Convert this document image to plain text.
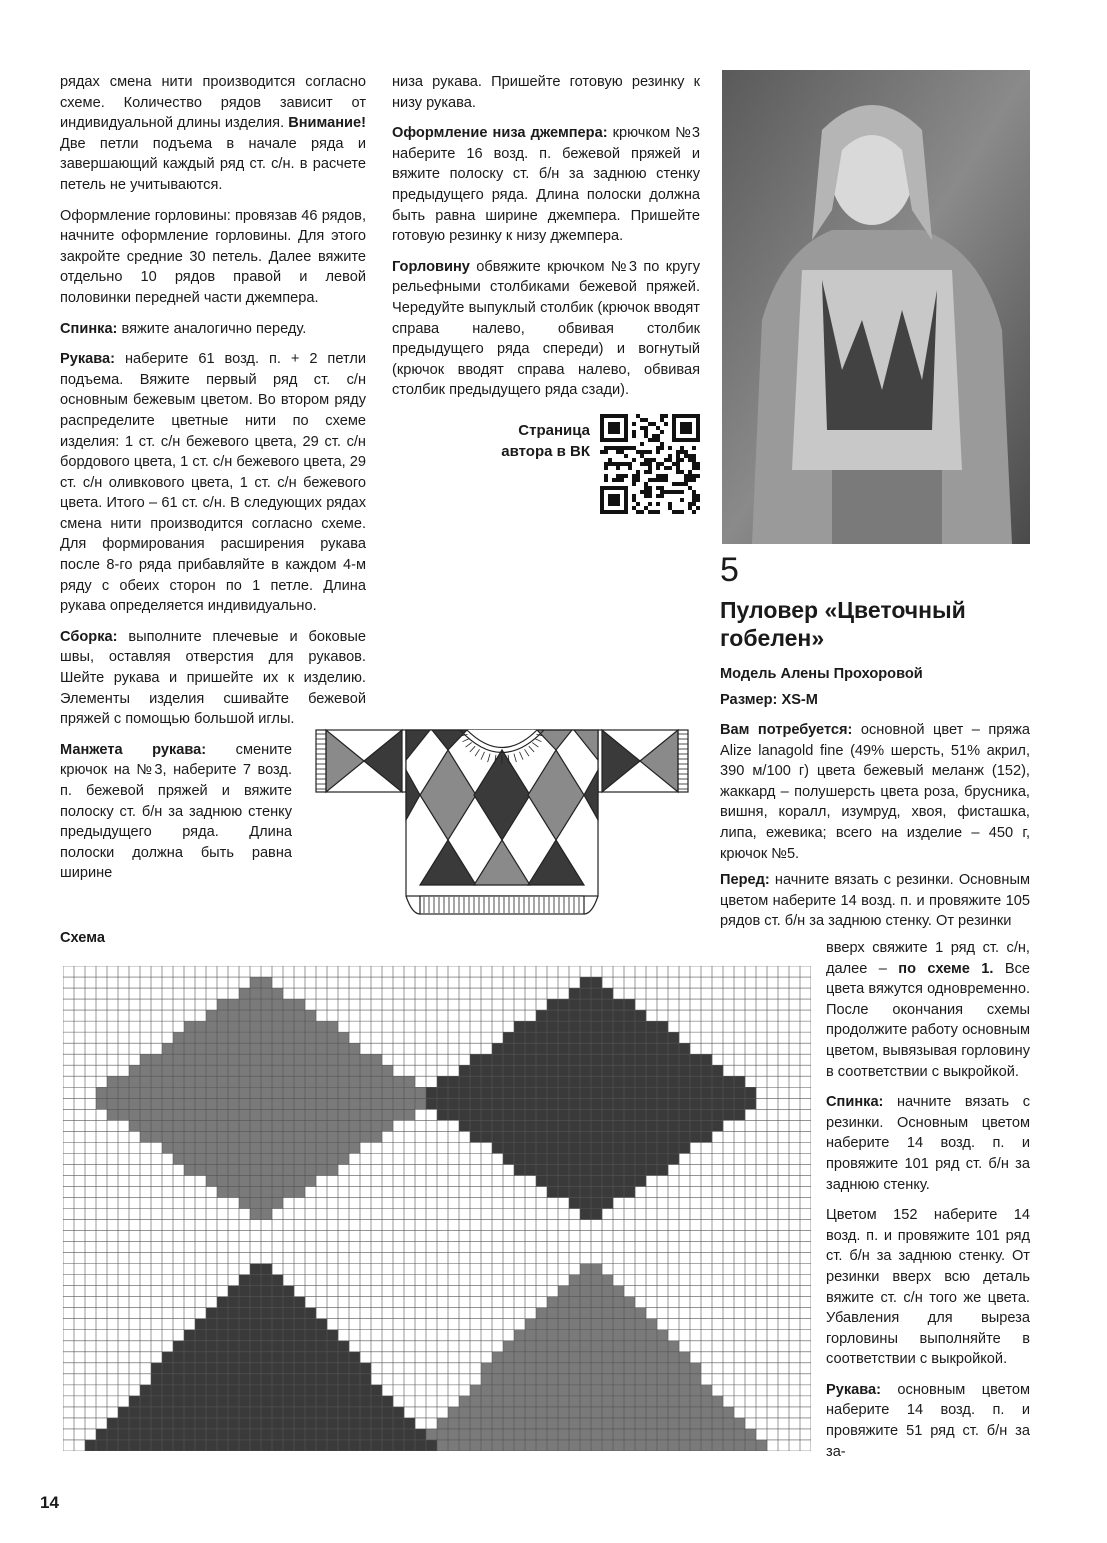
рядах смена нити производится согласно схеме. Количество рядов зависит от индивидуальной длины изделия. Внимание! Две петли подъема в начале ряда и завершающий каждый ряд ст. с/н. в расчете петель не учитываются.

Оформление горловины: провязав 46 рядов, начните оформление горловины. Для этого закройте средние 30 петель. Далее вяжите отдельно 10 рядов правой и левой половинки передней части джемпера.

Спинка: вяжите аналогично переду.

Рукава: наберите 61 возд. п. + 2 петли подъема. Вяжите первый ряд ст. с/н основным бежевым цветом. Во втором ряду распределите цветные нити по схеме изделия: 1 ст. с/н бежевого цвета, 29 ст. с/н бордового цвета, 1 ст. с/н бежевого цвета, 29 ст. с/н оливкового цвета, 1 ст. с/н бежевого цвета. Итого – 61 ст. с/н. В следующих рядах смена нити производится согласно схеме. Для формирования расширения рукава после 8-го ряда прибавляйте в каждом 4-м ряду с обеих сторон по 1 петле. Длина рукава определяется индивидуально.

Сборка: выполните плечевые и боковые швы, оставляя отверстия для рукавов. Шейте рукава и пришейте их к изделию. Элементы изделия сшивайте бежевой пряжей с помощью большой иглы.

Манжета рукава: смените крючок на №3, наберите 7 возд. п. бежевой пряжей и вяжите полоску ст. б/н за заднюю стенку предыдущего ряда. Длина полоски должна быть равна ширине

низа рукава. Пришейте готовую резинку к низу рукава.

Оформление низа джемпера: крючком №3 наберите 16 возд. п. бежевой пряжей и вяжите полоску ст. б/н за заднюю стенку предыдущего ряда. Длина полоски должна быть равна ширине джемпера. Пришейте готовую резинку к низу джемпера.

Горловину обвяжите крючком №3 по кругу рельефными столбиками бежевой пряжей. Чередуйте выпуклый столбик (крючок вводят справа налево, обвивая столбик предыдущего ряда спереди) и вогнутый (крючок вводят справа налево, обвивая столбик предыдущего ряда сзади).

Страница автора в ВК
5
Пуловер «Цветочный гобелен»
Модель Алены Прохоровой
Размер: XS-M
Вам потребуется: основной цвет – пряжа Alize lanagold fine (49% шерсть, 51% акрил, 390 м/100 г) цвета бежевый меланж (152), жаккард – полушерсть цвета роза, брусника, вишня, коралл, изумруд, хвоя, фисташка, липа, ежевика; всего на изделие – 450 г, крючок №5.

Перед: начните вязать с резинки. Основным цветом наберите 14 возд. п. и провяжите 105 рядов ст. б/н за заднюю стенку. От резинки

вверх свяжите 1 ряд ст. с/н, далее – по схеме 1. Все цвета вяжутся одновременно. После окончания схемы продолжите работу основным цветом, вывязывая горловину в соответствии с выкройкой.

Спинка: начните вязать с резинки. Основным цветом наберите 14 возд. п. и провяжите 101 ряд ст. б/н за заднюю стенку.

Цветом 152 наберите 14 возд. п. и провяжите 101 ряд ст. б/н за заднюю стенку. От резинки вверх всю деталь вяжите ст. с/н того же цвета. Убавления для выреза горловины выполняйте в соответствии с выкройкой.

Рукава: основным цветом наберите 14 возд. п. и провяжите 51 ряд ст. б/н за за-

Схема
14
